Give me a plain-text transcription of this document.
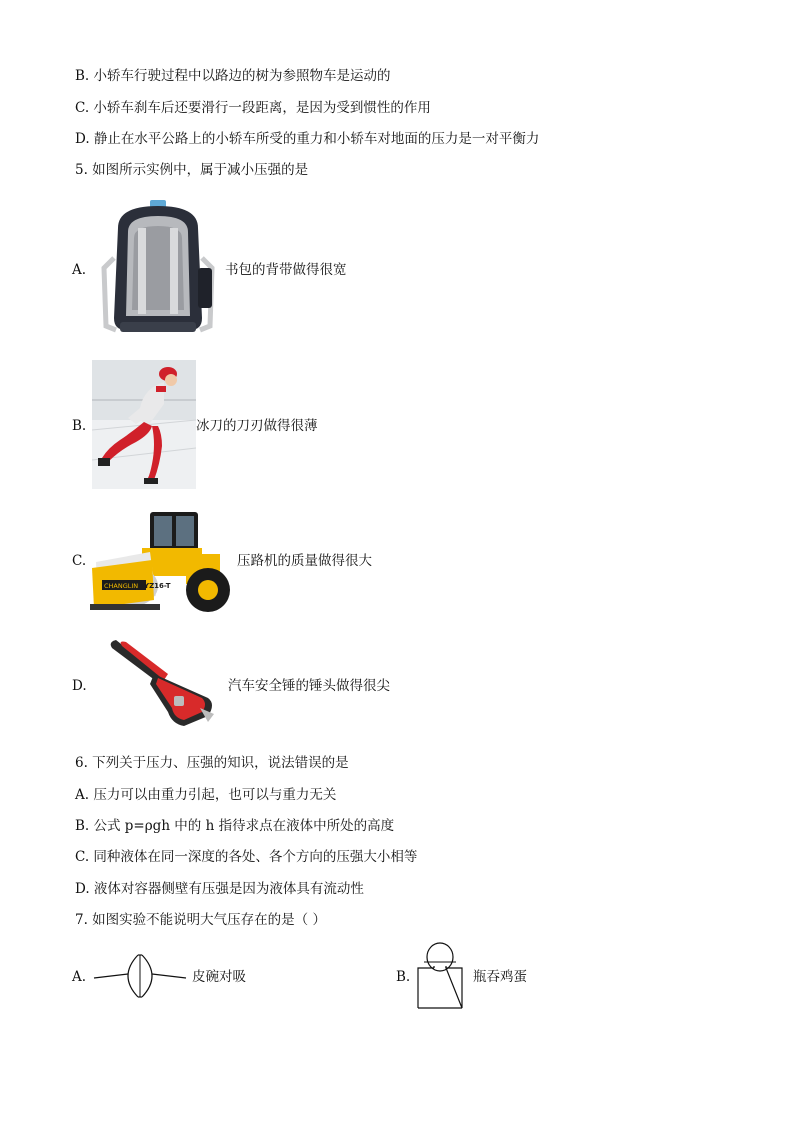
B. 小轿车行驶过程中以路边的树为参照物车是运动的
C. 小轿车刹车后还要滑行一段距离，是因为受到惯性的作用
D. 静止在水平公路上的小轿车所受的重力和小轿车对地面的压力是一对平衡力
5. 如图所示实例中，属于减小压强的是
A.	书包的背带做得很宽
B.	冰刀的刀刃做得很薄
C.
CHANGLIN YZ16-T
压路机的质量做得很大
D.	汽车安全锤的锤头做得很尖
6. 下列关于压力、压强的知识，说法错误的是
A. 压力可以由重力引起，也可以与重力无关
B. 公式 p=ρgh 中的 h 指待求点在液体中所处的高度
C. 同种液体在同一深度的各处、各个方向的压强大小相等
D. 液体对容器侧壁有压强是因为液体具有流动性
7. 如图实验不能说明大气压存在的是（ ）
A.	皮碗对吸	B.	瓶吞鸡蛋
